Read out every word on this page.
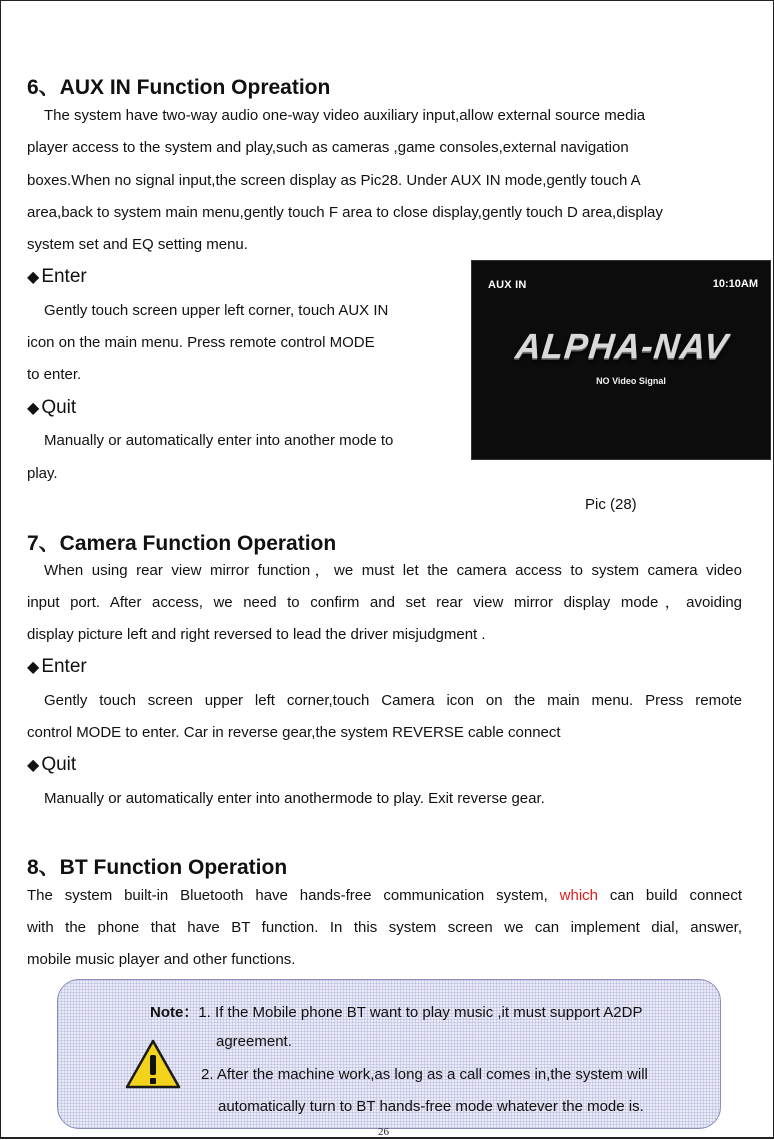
6、AUX IN Function Opreation
The system have two-way audio one-way video auxiliary input,allow external source media
player access to the system and play,such as cameras ,game consoles,external navigation
boxes.When no signal input,the screen display as Pic28. Under AUX IN mode,gently touch A
area,back to system main menu,gently touch F area to close display,gently touch D area,display
system set and EQ setting menu.
◆ Enter
Gently touch screen upper left corner, touch AUX IN
icon on the main menu. Press remote control MODE
to enter.
◆ Quit
Manually or automatically enter into another mode to
play.
AUX IN	10:10AM
ALPHA-NAV
NO Video Signal
Pic (28)
7、Camera Function Operation
When using rear view mirror function，we must let the camera access to system camera video
input port. After access, we need to confirm and set rear view mirror display mode，avoiding
display picture left and right reversed to lead the driver misjudgment .
◆ Enter
Gently touch screen upper left corner,touch Camera icon on the main menu. Press remote
control MODE to enter. Car in reverse gear,the system REVERSE cable connect
◆ Quit
Manually or automatically enter into anothermode to play. Exit reverse gear.
8、BT Function Operation
The system built-in Bluetooth have hands-free communication system, which can build connect
with the phone that have BT function. In this system screen we can implement dial, answer,
mobile music player and other functions.
Note：1. If the Mobile phone BT want to play music ,it must support A2DP
agreement.
2. After the machine work,as long as a call comes in,the system will
automatically turn to BT hands-free mode whatever the mode is.
26
